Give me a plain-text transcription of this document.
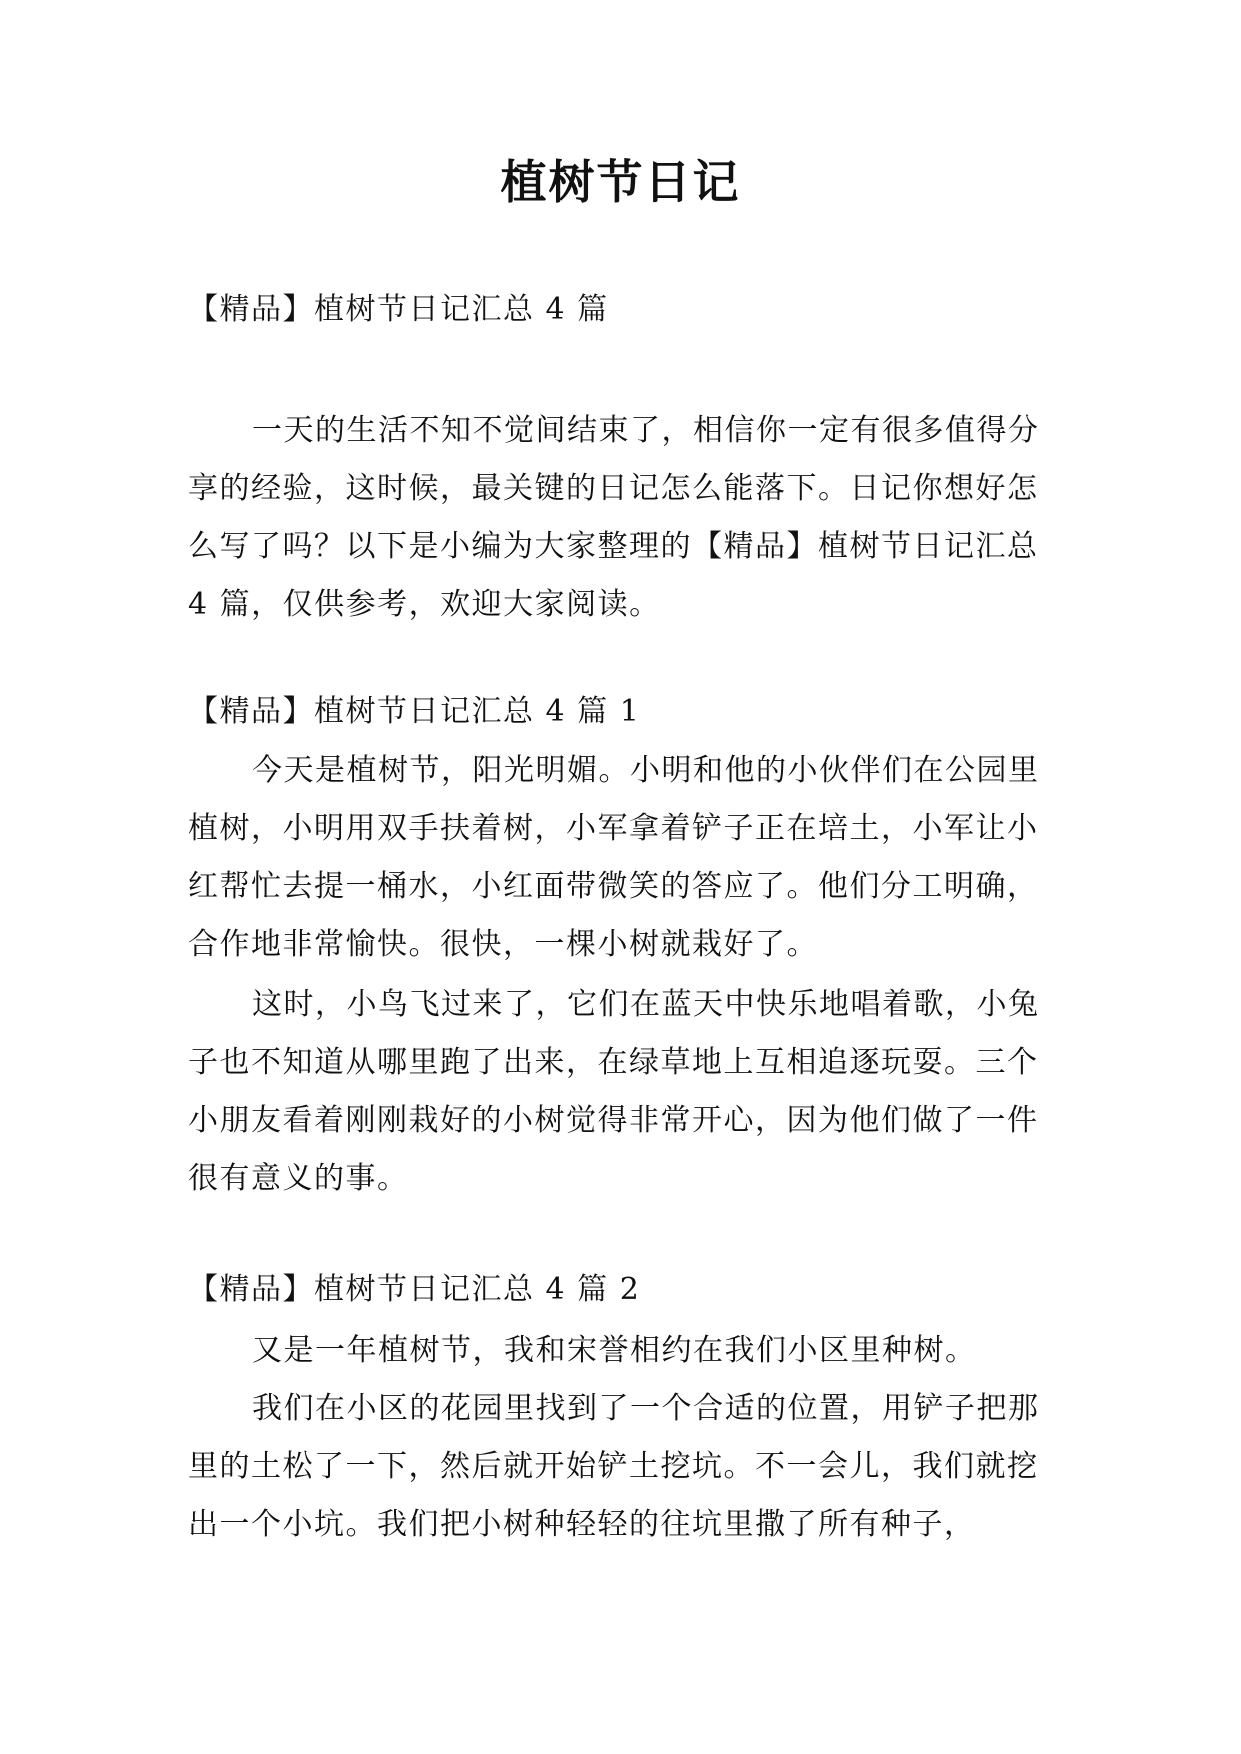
植树节日记
【精品】植树节日记汇总 4 篇
一天的生活不知不觉间结束了，相信你一定有很多值得分享的经验，这时候，最关键的日记怎么能落下。日记你想好怎么写了吗？以下是小编为大家整理的【精品】植树节日记汇总 4 篇，仅供参考，欢迎大家阅读。
【精品】植树节日记汇总 4 篇 1
今天是植树节，阳光明媚。小明和他的小伙伴们在公园里植树，小明用双手扶着树，小军拿着铲子正在培土，小军让小红帮忙去提一桶水，小红面带微笑的答应了。他们分工明确，合作地非常愉快。很快，一棵小树就栽好了。
这时，小鸟飞过来了，它们在蓝天中快乐地唱着歌，小兔子也不知道从哪里跑了出来，在绿草地上互相追逐玩耍。三个小朋友看着刚刚栽好的小树觉得非常开心，因为他们做了一件很有意义的事。
【精品】植树节日记汇总 4 篇 2
又是一年植树节，我和宋誉相约在我们小区里种树。
我们在小区的花园里找到了一个合适的位置，用铲子把那里的土松了一下，然后就开始铲土挖坑。不一会儿，我们就挖出一个小坑。我们把小树种轻轻的往坑里撒了所有种子，
